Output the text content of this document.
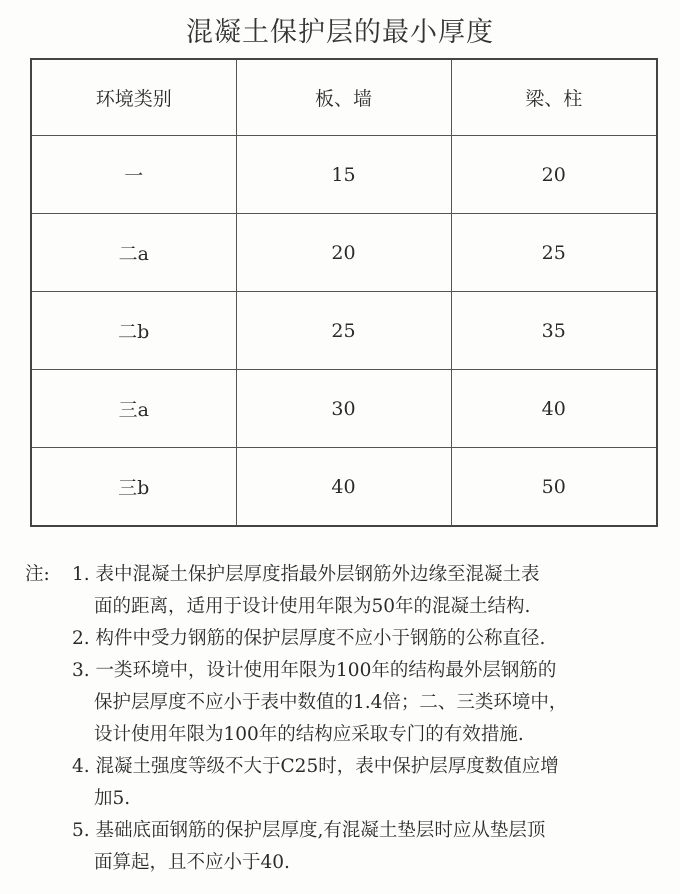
混凝土保护层的最小厚度
环境类别	板、墙	梁、柱
一	15	20
二a	20	25
二b	25	35
三a	30	40
三b	40	50
注: 1. 表中混凝土保护层厚度指最外层钢筋外边缘至混凝土表
面的距离，适用于设计使用年限为50年的混凝土结构.
2. 构件中受力钢筋的保护层厚度不应小于钢筋的公称直径.
3. 一类环境中，设计使用年限为100年的结构最外层钢筋的
保护层厚度不应小于表中数值的1.4倍；二、三类环境中，
设计使用年限为100年的结构应采取专门的有效措施.
4. 混凝土强度等级不大于C25时，表中保护层厚度数值应增
加5.
5. 基础底面钢筋的保护层厚度,有混凝土垫层时应从垫层顶
面算起，且不应小于40.
